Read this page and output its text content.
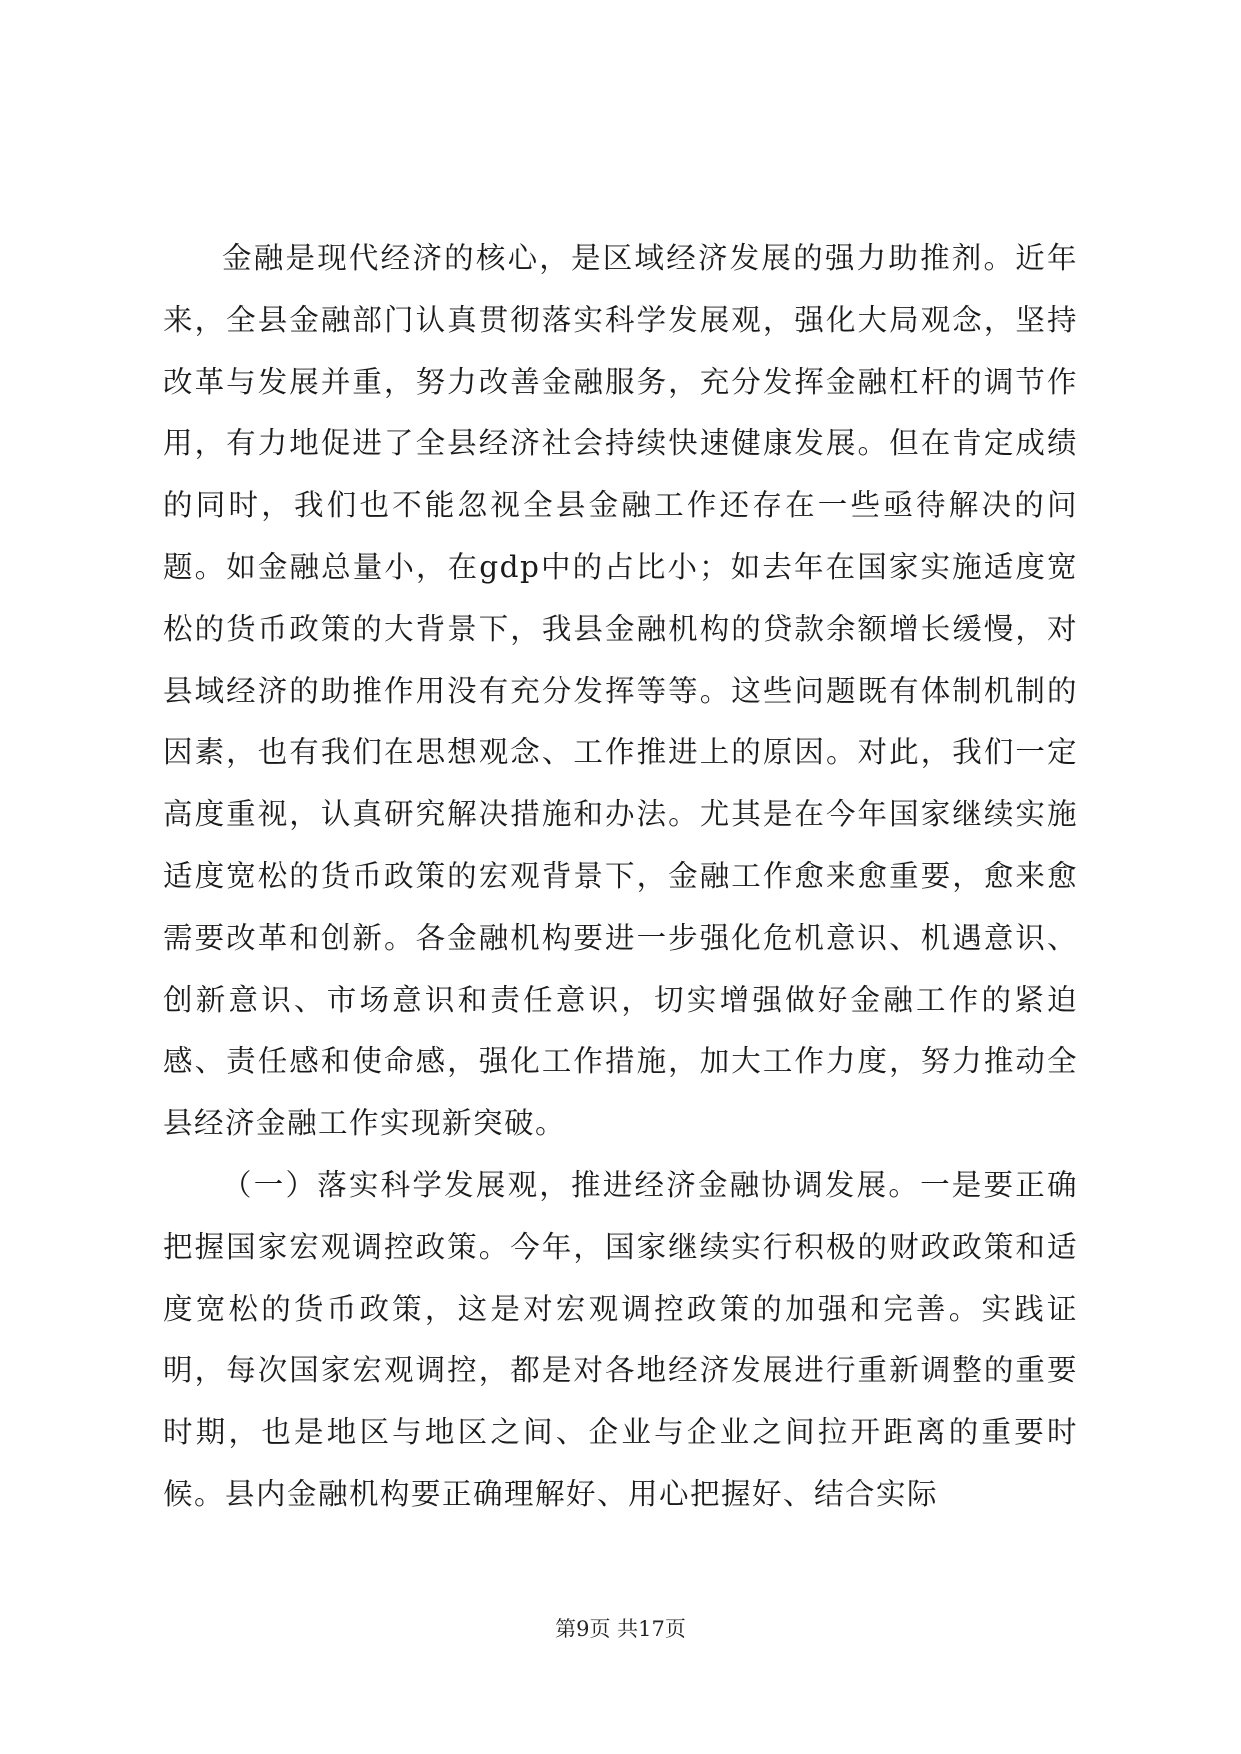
金融是现代经济的核心，是区域经济发展的强力助推剂。近年来，全县金融部门认真贯彻落实科学发展观，强化大局观念，坚持改革与发展并重，努力改善金融服务，充分发挥金融杠杆的调节作用，有力地促进了全县经济社会持续快速健康发展。但在肯定成绩的同时，我们也不能忽视全县金融工作还存在一些亟待解决的问题。如金融总量小，在gdp中的占比小；如去年在国家实施适度宽松的货币政策的大背景下，我县金融机构的贷款余额增长缓慢，对县域经济的助推作用没有充分发挥等等。这些问题既有体制机制的因素，也有我们在思想观念、工作推进上的原因。对此，我们一定高度重视，认真研究解决措施和办法。尤其是在今年国家继续实施适度宽松的货币政策的宏观背景下，金融工作愈来愈重要，愈来愈需要改革和创新。各金融机构要进一步强化危机意识、机遇意识、创新意识、市场意识和责任意识，切实增强做好金融工作的紧迫感、责任感和使命感，强化工作措施，加大工作力度，努力推动全县经济金融工作实现新突破。

（一）落实科学发展观，推进经济金融协调发展。一是要正确把握国家宏观调控政策。今年，国家继续实行积极的财政政策和适度宽松的货币政策，这是对宏观调控政策的加强和完善。实践证明，每次国家宏观调控，都是对各地经济发展进行重新调整的重要时期，也是地区与地区之间、企业与企业之间拉开距离的重要时候。县内金融机构要正确理解好、用心把握好、结合实际

第9页 共17页
